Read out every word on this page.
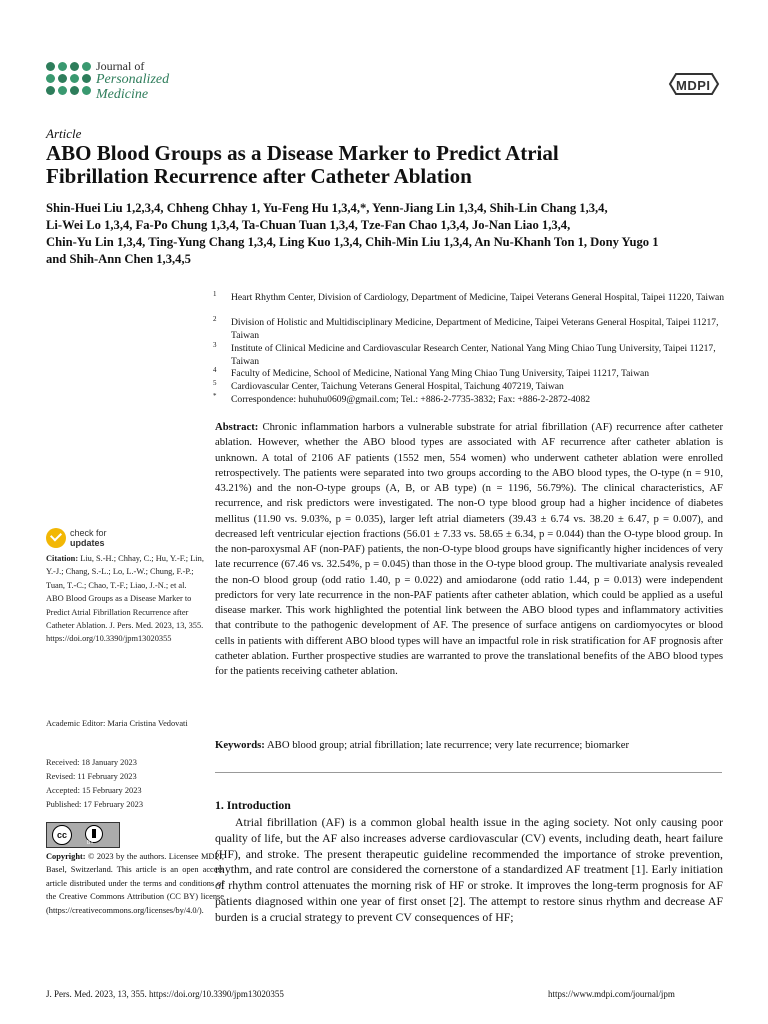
Journal of
Personalized
Medicine
MDPI
Article
ABO Blood Groups as a Disease Marker to Predict Atrial
Fibrillation Recurrence after Catheter Ablation
Shin-Huei Liu 1,2,3,4, Chheng Chhay 1, Yu-Feng Hu 1,3,4,*, Yenn-Jiang Lin 1,3,4, Shih-Lin Chang 1,3,4,
Li-Wei Lo 1,3,4, Fa-Po Chung 1,3,4, Ta-Chuan Tuan 1,3,4, Tze-Fan Chao 1,3,4, Jo-Nan Liao 1,3,4,
Chin-Yu Lin 1,3,4, Ting-Yung Chang 1,3,4, Ling Kuo 1,3,4, Chih-Min Liu 1,3,4, An Nu-Khanh Ton 1, Dony Yugo 1
and Shih-Ann Chen 1,3,4,5
1 Heart Rhythm Center, Division of Cardiology, Department of Medicine, Taipei Veterans General Hospital, Taipei 11220, Taiwan
2 Division of Holistic and Multidisciplinary Medicine, Department of Medicine, Taipei Veterans General Hospital, Taipei 11217, Taiwan
3 Institute of Clinical Medicine and Cardiovascular Research Center, National Yang Ming Chiao Tung University, Taipei 11217, Taiwan
4 Faculty of Medicine, School of Medicine, National Yang Ming Chiao Tung University, Taipei 11217, Taiwan
5 Cardiovascular Center, Taichung Veterans General Hospital, Taichung 407219, Taiwan
* Correspondence: huhuhu0609@gmail.com; Tel.: +886-2-7735-3832; Fax: +886-2-2872-4082
Abstract: Chronic inflammation harbors a vulnerable substrate for atrial fibrillation (AF) recurrence after catheter ablation. However, whether the ABO blood types are associated with AF recurrence after catheter ablation is unknown. A total of 2106 AF patients (1552 men, 554 women) who underwent catheter ablation were enrolled retrospectively. The patients were separated into two groups according to the ABO blood types, the O-type (n = 910, 43.21%) and the non-O-type groups (A, B, or AB type) (n = 1196, 56.79%). The clinical characteristics, AF recurrence, and risk predictors were investigated. The non-O type blood group had a higher incidence of diabetes mellitus (11.90 vs. 9.03%, p = 0.035), larger left atrial diameters (39.43 ± 6.74 vs. 38.20 ± 6.47, p = 0.007), and decreased left ventricular ejection fractions (56.01 ± 7.33 vs. 58.65 ± 6.34, p = 0.044) than the O-type blood group. In the non-paroxysmal AF (non-PAF) patients, the non-O-type blood groups have significantly higher incidences of very late recurrence (67.46 vs. 32.54%, p = 0.045) than those in the O-type blood group. The multivariate analysis revealed the non-O blood group (odd ratio 1.40, p = 0.022) and amiodarone (odd ratio 1.44, p = 0.013) were independent predictors for very late recurrence in the non-PAF patients after catheter ablation, which could be applied as a useful disease marker. This work highlighted the potential link between the ABO blood types and inflammatory activities that contribute to the pathogenic development of AF. The presence of surface antigens on cardiomyocytes or blood cells in patients with different ABO blood types will have an impactful role in risk stratification for AF prognosis after catheter ablation. Further prospective studies are warranted to prove the translational benefits of the ABO blood types for the patients receiving catheter ablation.
Keywords: ABO blood group; atrial fibrillation; late recurrence; very late recurrence; biomarker
check for
updates
Citation: Liu, S.-H.; Chhay, C.; Hu, Y.-F.; Lin, Y.-J.; Chang, S.-L.; Lo, L.-W.; Chung, F.-P.; Tuan, T.-C.; Chao, T.-F.; Liao, J.-N.; et al. ABO Blood Groups as a Disease Marker to Predict Atrial Fibrillation Recurrence after Catheter Ablation. J. Pers. Med. 2023, 13, 355. https://doi.org/10.3390/jpm13020355
Academic Editor: Maria Cristina Vedovati
Received: 18 January 2023
Revised: 11 February 2023
Accepted: 15 February 2023
Published: 17 February 2023
cc
BY
Copyright: © 2023 by the authors. Licensee MDPI, Basel, Switzerland. This article is an open access article distributed under the terms and conditions of the Creative Commons Attribution (CC BY) license (https://creativecommons.org/licenses/by/4.0/).
1. Introduction
Atrial fibrillation (AF) is a common global health issue in the aging society. Not only causing poor quality of life, but the AF also increases adverse cardiovascular (CV) events, including death, heart failure (HF), and stroke. The present therapeutic guideline recommended the importance of stroke prevention, rhythm, and rate control are considered the cornerstone of a standardized AF treatment [1]. Early initiation of rhythm control attenuates the morning risk of HF or stroke. It improves the long-term prognosis for AF patients diagnosed within one year of first onset [2]. The attempt to restore sinus rhythm and decrease AF burden is a crucial strategy to prevent CV consequences of HF;
J. Pers. Med. 2023, 13, 355. https://doi.org/10.3390/jpm13020355	https://www.mdpi.com/journal/jpm
